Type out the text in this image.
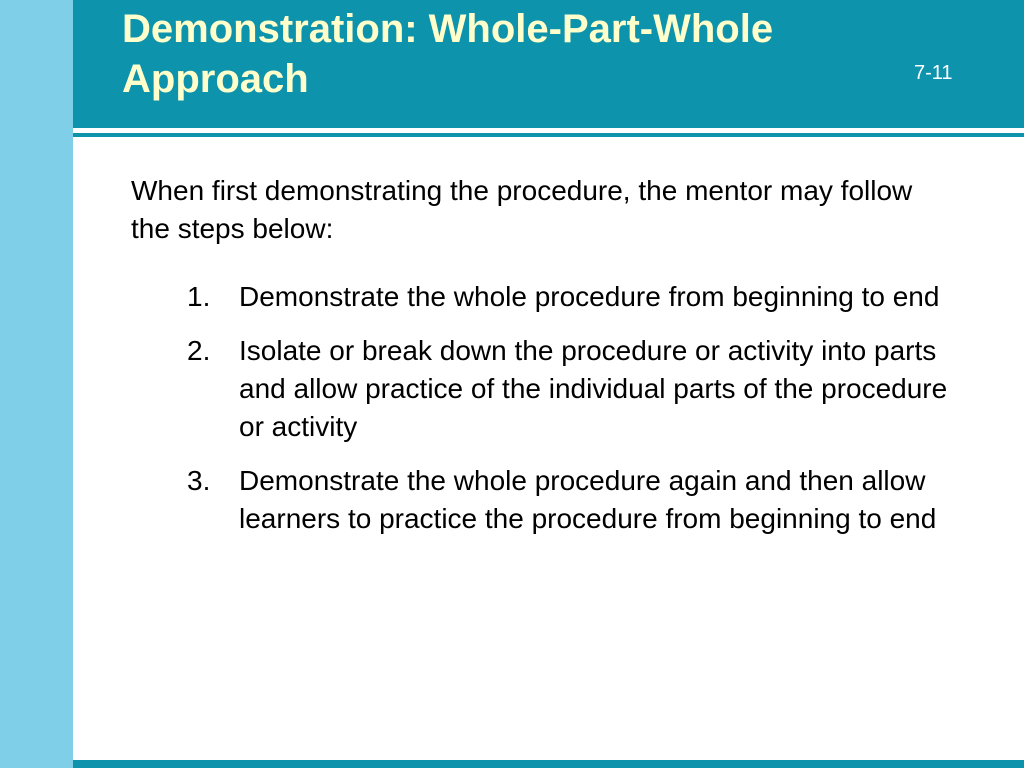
Demonstration: Whole-Part-Whole Approach	7-11

When first demonstrating the procedure, the mentor may follow the steps below:

1. Demonstrate the whole procedure from beginning to end
2. Isolate or break down the procedure or activity into parts and allow practice of the individual parts of the procedure or activity
3. Demonstrate the whole procedure again and then allow learners to practice the procedure from beginning to end
